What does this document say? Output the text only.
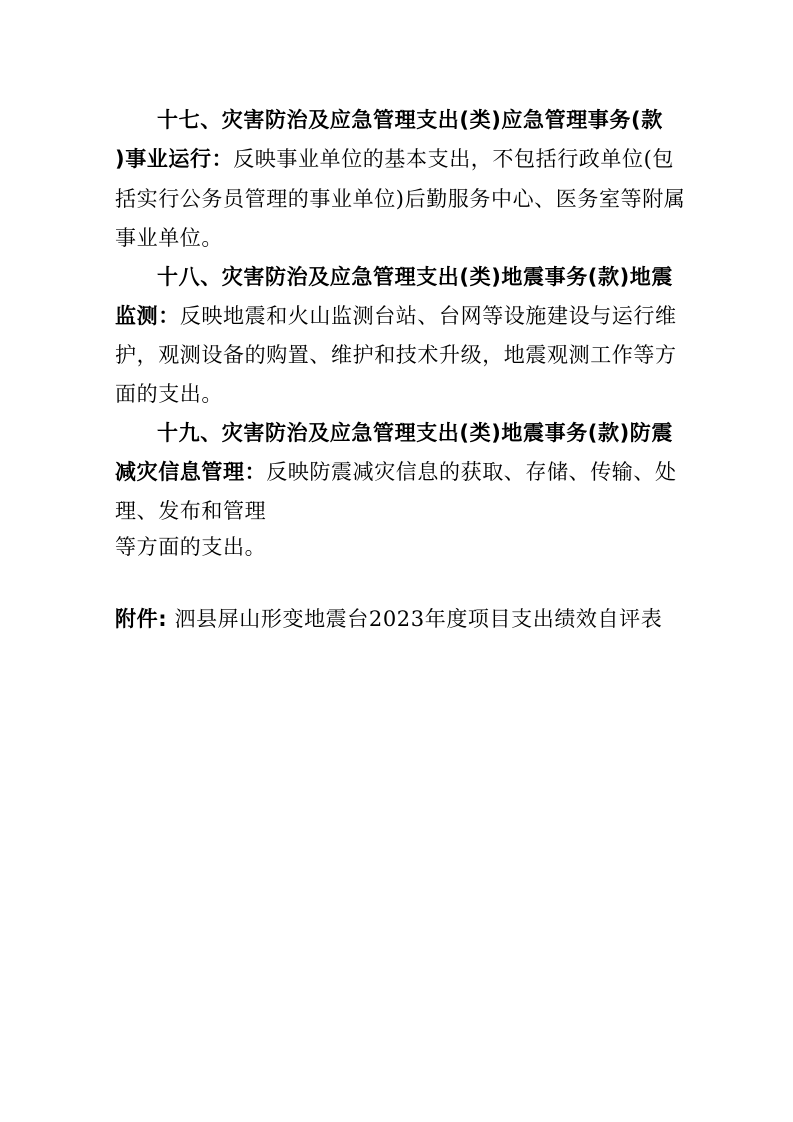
十七、灾害防治及应急管理支出(类)应急管理事务(款
)事业运行：反映事业单位的基本支出，不包括行政单位(包
括实行公务员管理的事业单位)后勤服务中心、医务室等附属
事业单位。
十八、灾害防治及应急管理支出(类)地震事务(款)地震
监测：反映地震和火山监测台站、台网等设施建设与运行维
护，观测设备的购置、维护和技术升级，地震观测工作等方
面的支出。
十九、灾害防治及应急管理支出(类)地震事务(款)防震
减灾信息管理：反映防震减灾信息的获取、存储、传输、处
理、发布和管理
等方面的支出。
附件: 泗县屏山形变地震台2023年度项目支出绩效自评表
